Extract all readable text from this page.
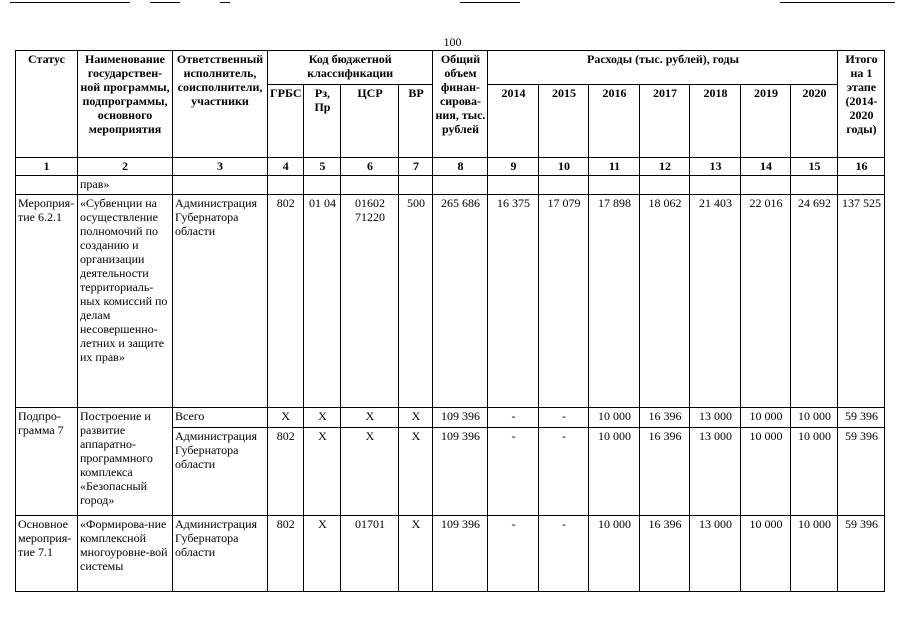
100
Статус	Наименование государствен-ной программы, подпрограммы, основного мероприятия	Ответственный исполнитель, соисполнители, участники	Код бюджетной классификации				Общий объем финан-сирова-ния, тыс. рублей	Расходы (тыс. рублей), годы							Итого на 1 этапе (2014-2020 годы)
			ГРБС	Рз, Пр	ЦСР	ВР		2014	2015	2016	2017	2018	2019	2020	
1	2	3	4	5	6	7	8	9	10	11	12	13	14	15	16
	прав»														
Мероприя-тие 6.2.1	«Субвенции на осуществление полномочий по созданию и организации деятельности территориаль-ных комиссий по делам несовершенно-летних и защите их прав»	Администрация Губернатора области	802	01 04	01602 71220	500	265 686	16 375	17 079	17 898	18 062	21 403	22 016	24 692	137 525
Подпро-грамма 7	Построение и развитие аппаратно-программного комплекса «Безопасный город»	Всего	X	X	X	X	109 396	-	-	10 000	16 396	13 000	10 000	10 000	59 396
		Администрация Губернатора области	802	X	X	X	109 396	-	-	10 000	16 396	13 000	10 000	10 000	59 396
Основное мероприя-тие 7.1	«Формирова-ние комплексной многоуровне-вой системы	Администрация Губернатора области	802	X	01701	X	109 396	-	-	10 000	16 396	13 000	10 000	10 000	59 396
